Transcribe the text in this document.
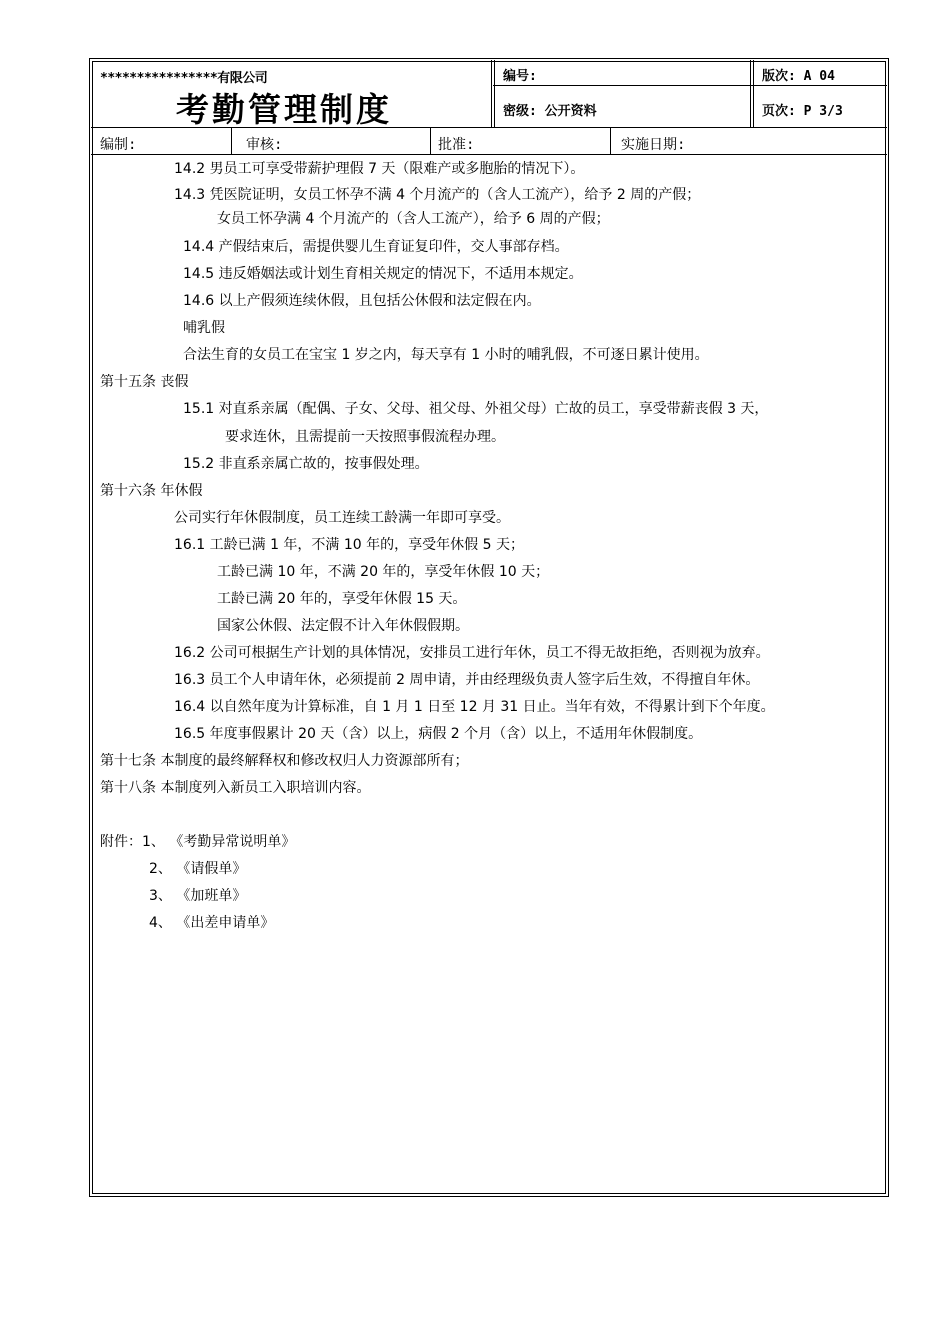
****************有限公司
考勤管理制度
编号:	版次: A 04
密级: 公开资料	页次: P 3/3
编制:	审核:	批准:	实施日期:
14.2 男员工可享受带薪护理假 7 天（限难产或多胞胎的情况下）。
14.3 凭医院证明，女员工怀孕不满 4 个月流产的（含人工流产），给予 2 周的产假；
女员工怀孕满 4 个月流产的（含人工流产），给予 6 周的产假；
14.4 产假结束后，需提供婴儿生育证复印件，交人事部存档。
14.5 违反婚姻法或计划生育相关规定的情况下，不适用本规定。
14.6 以上产假须连续休假，且包括公休假和法定假在内。
哺乳假
合法生育的女员工在宝宝 1 岁之内，每天享有 1 小时的哺乳假，不可逐日累计使用。
第十五条 丧假
15.1 对直系亲属（配偶、子女、父母、祖父母、外祖父母）亡故的员工，享受带薪丧假 3 天，
要求连休，且需提前一天按照事假流程办理。
15.2 非直系亲属亡故的，按事假处理。
第十六条 年休假
公司实行年休假制度，员工连续工龄满一年即可享受。
16.1 工龄已满 1 年，不满 10 年的，享受年休假 5 天；
工龄已满 10 年，不满 20 年的，享受年休假 10 天；
工龄已满 20 年的，享受年休假 15 天。
国家公休假、法定假不计入年休假假期。
16.2 公司可根据生产计划的具体情况，安排员工进行年休，员工不得无故拒绝，否则视为放弃。
16.3 员工个人申请年休，必须提前 2 周申请，并由经理级负责人签字后生效，不得擅自年休。
16.4 以自然年度为计算标准，自 1 月 1 日至 12 月 31 日止。当年有效，不得累计到下个年度。
16.5 年度事假累计 20 天（含）以上，病假 2 个月（含）以上，不适用年休假制度。
第十七条 本制度的最终解释权和修改权归人力资源部所有；
第十八条 本制度列入新员工入职培训内容。
附件：1、 《考勤异常说明单》
2、 《请假单》
3、 《加班单》
4、 《出差申请单》
